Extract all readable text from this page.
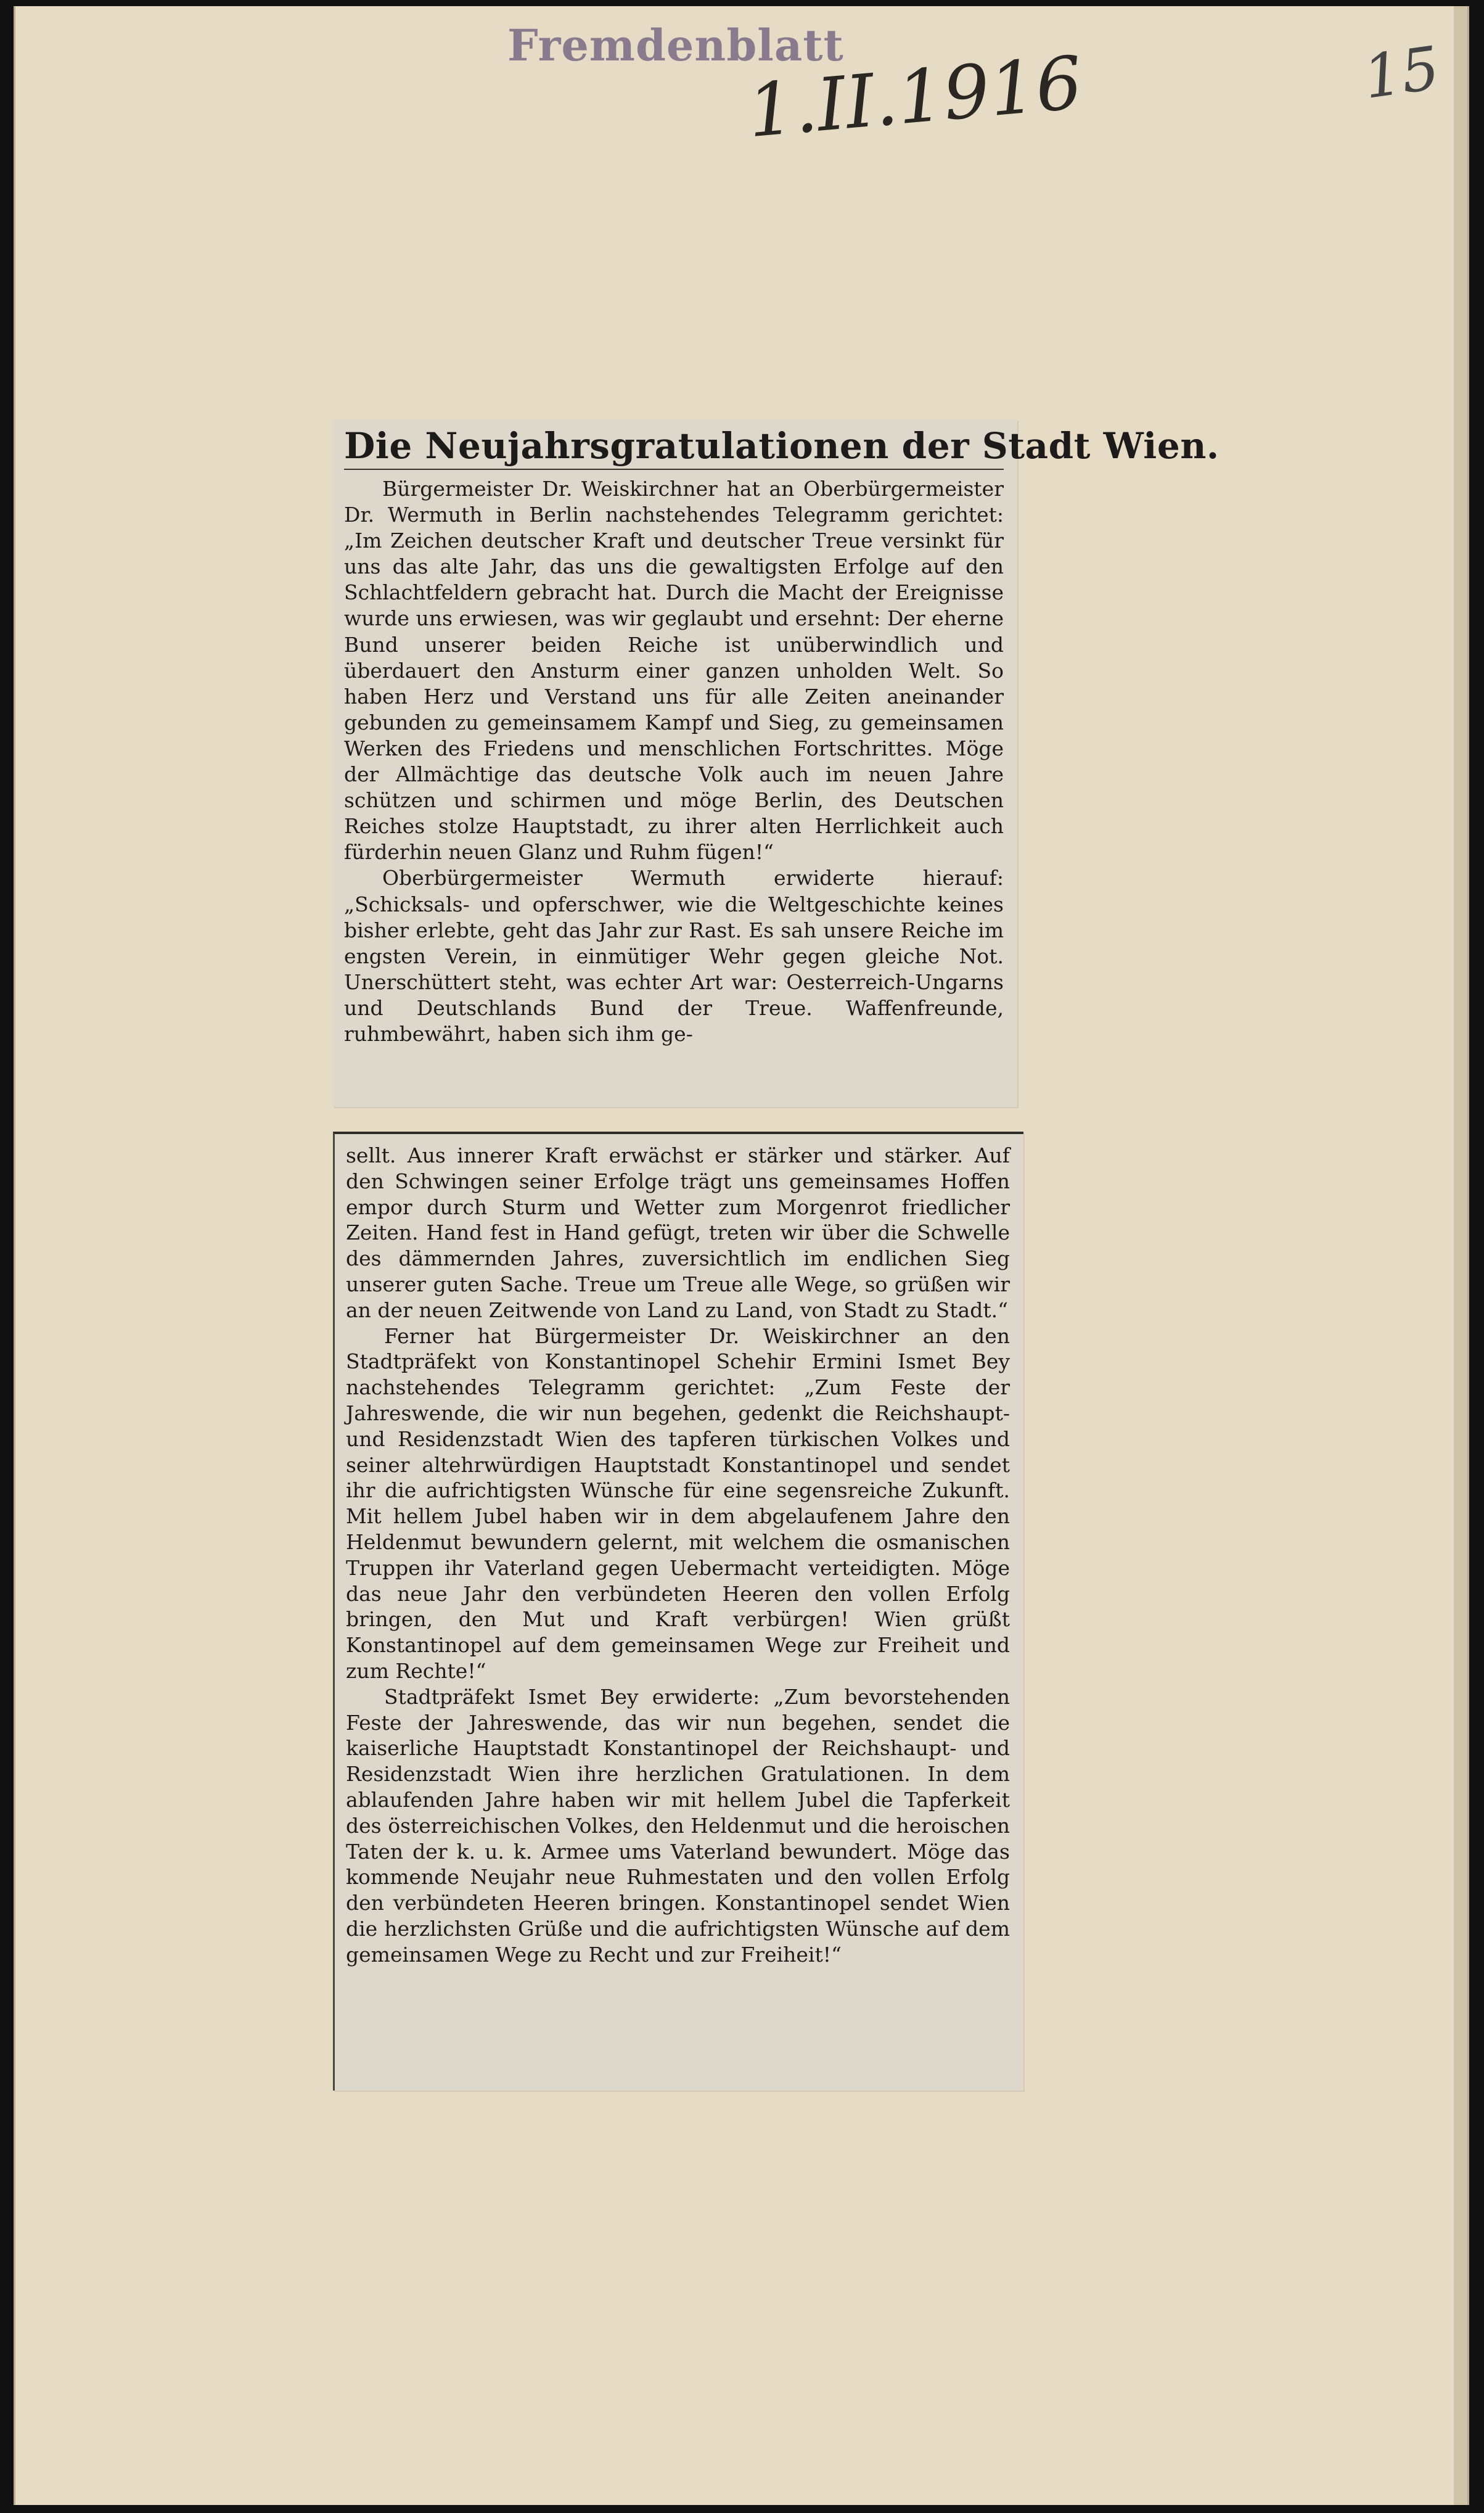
Fremdenblatt
1.II.1916	15
Die Neujahrsgratulationen der Stadt Wien.

Bürgermeister Dr. Weiskirchner hat an Oberbürgermeister Dr. Wermuth in Berlin nachstehendes Telegramm gerichtet: „Im Zeichen deutscher Kraft und deutscher Treue versinkt für uns das alte Jahr, das uns die gewaltigsten Erfolge auf den Schlachtfeldern gebracht hat. Durch die Macht der Ereignisse wurde uns erwiesen, was wir geglaubt und ersehnt: Der eherne Bund unserer beiden Reiche ist unüberwindlich und überdauert den Ansturm einer ganzen unholden Welt. So haben Herz und Verstand uns für alle Zeiten aneinander gebunden zu gemeinsamem Kampf und Sieg, zu gemeinsamen Werken des Friedens und menschlichen Fortschrittes. Möge der Allmächtige das deutsche Volk auch im neuen Jahre schützen und schirmen und möge Berlin, des Deutschen Reiches stolze Hauptstadt, zu ihrer alten Herrlichkeit auch fürderhin neuen Glanz und Ruhm fügen!“

Oberbürgermeister Wermuth erwiderte hierauf: „Schicksals- und opferschwer, wie die Weltgeschichte keines bisher erlebte, geht das Jahr zur Rast. Es sah unsere Reiche im engsten Verein, in einmütiger Wehr gegen gleiche Not. Unerschüttert steht, was echter Art war: Oesterreich-Ungarns und Deutschlands Bund der Treue. Waffenfreunde, ruhmbewährt, haben sich ihm ge-

sellt. Aus innerer Kraft erwächst er stärker und stärker. Auf den Schwingen seiner Erfolge trägt uns gemeinsames Hoffen empor durch Sturm und Wetter zum Morgenrot friedlicher Zeiten. Hand fest in Hand gefügt, treten wir über die Schwelle des dämmernden Jahres, zuversichtlich im endlichen Sieg unserer guten Sache. Treue um Treue alle Wege, so grüßen wir an der neuen Zeitwende von Land zu Land, von Stadt zu Stadt.“

Ferner hat Bürgermeister Dr. Weiskirchner an den Stadtpräfekt von Konstantinopel Schehir Ermini Ismet Bey nachstehendes Telegramm gerichtet: „Zum Feste der Jahreswende, die wir nun begehen, gedenkt die Reichshaupt- und Residenzstadt Wien des tapferen türkischen Volkes und seiner altehrwürdigen Hauptstadt Konstantinopel und sendet ihr die aufrichtigsten Wünsche für eine segensreiche Zukunft. Mit hellem Jubel haben wir in dem abgelaufenem Jahre den Heldenmut bewundern gelernt, mit welchem die osmanischen Truppen ihr Vaterland gegen Uebermacht verteidigten. Möge das neue Jahr den verbündeten Heeren den vollen Erfolg bringen, den Mut und Kraft verbürgen! Wien grüßt Konstantinopel auf dem gemeinsamen Wege zur Freiheit und zum Rechte!“

Stadtpräfekt Ismet Bey erwiderte: „Zum bevorstehenden Feste der Jahreswende, das wir nun begehen, sendet die kaiserliche Hauptstadt Konstantinopel der Reichshaupt- und Residenzstadt Wien ihre herzlichen Gratulationen. In dem ablaufenden Jahre haben wir mit hellem Jubel die Tapferkeit des österreichischen Volkes, den Heldenmut und die heroischen Taten der k. u. k. Armee ums Vaterland bewundert. Möge das kommende Neujahr neue Ruhmestaten und den vollen Erfolg den verbündeten Heeren bringen. Konstantinopel sendet Wien die herzlichsten Grüße und die aufrichtigsten Wünsche auf dem gemeinsamen Wege zu Recht und zur Freiheit!“
